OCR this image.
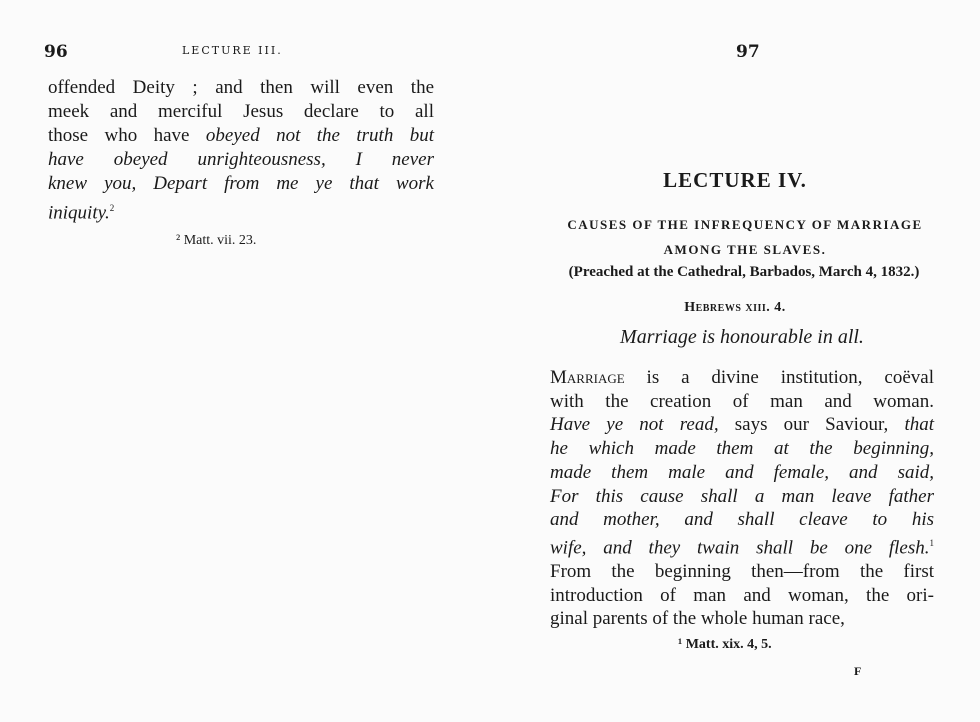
96	LECTURE III.
offended Deity ; and then will even the
meek and merciful Jesus declare to all
those who have obeyed not the truth but
have obeyed unrighteousness, I never
knew you, Depart from me ye that work
iniquity.$^2$
² Matt. vii. 23.
97
LECTURE IV.
CAUSES OF THE INFREQUENCY OF MARRIAGE
AMONG THE SLAVES.
(Preached at the Cathedral, Barbados, March 4, 1832.)
Hebrews xiii. 4.
Marriage is honourable in all.
Marriage is a divine institution, coëval
with the creation of man and woman.
Have ye not read, says our Saviour, that
he which made them at the beginning,
made them male and female, and said,
For this cause shall a man leave father
and mother, and shall cleave to his
wife, and they twain shall be one flesh.$^1$
From the beginning then—from the first
introduction of man and woman, the ori-
ginal parents of the whole human race,
¹ Matt. xix. 4, 5.
F
